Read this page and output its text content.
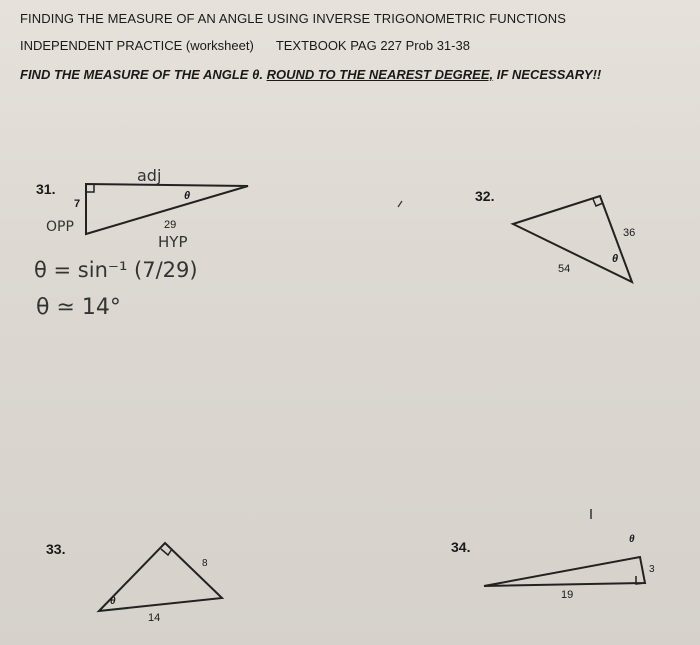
FINDING THE MEASURE OF AN ANGLE USING INVERSE TRIGONOMETRIC FUNCTIONS
INDEPENDENT PRACTICE (worksheet) TEXTBOOK PAG 227 Prob 31-38
FIND THE MEASURE OF THE ANGLE θ. ROUND TO THE NEAREST DEGREE, IF NECESSARY!!
31.
7
29
θ
adj
OPP
HYP
θ = sin⁻¹ (7/29)
θ ≃ 14°
32.
36
54
θ
33.
8
14
θ
34.
3
19
θ
